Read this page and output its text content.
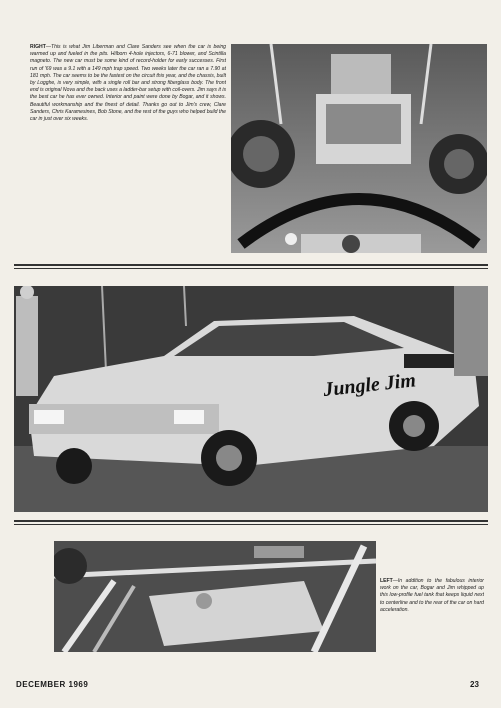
RIGHT—This is what Jim Liberman and Clare Sanders see when the car is being warmed up and fueled in the pits. Hilborn 4-hole injectors, 6-71 blower, and Scintilla magneto. The new car must be some kind of record-holder for early successes. First run of '69 was a 9.1 with a 149 mph trap speed. Two weeks later the car ran a 7.90 at 181 mph. The car seems to be the fastest on the circuit this year, and the chassis, built by Logghe, is very simple, with a single roll bar and strong fiberglass body. The front end is original Nova and the back uses a ladder-bar setup with coil-overs. Jim says it is the best car he has ever owned. Interior and paint were done by Bogar, and it shows. Beautiful workmanship and the finest of detail. Thanks go out to Jim's crew, Clare Sanders, Chris Karamesines, Bob Stone, and the rest of the guys who helped build the car in just over six weeks.
Jungle Jim
LEFT—In addition to the fabulous interior work on the car, Bogar and Jim whipped up this low-profile fuel tank that keeps liquid next to centerline and to the rear of the car on hard acceleration.
DECEMBER 1969	23
